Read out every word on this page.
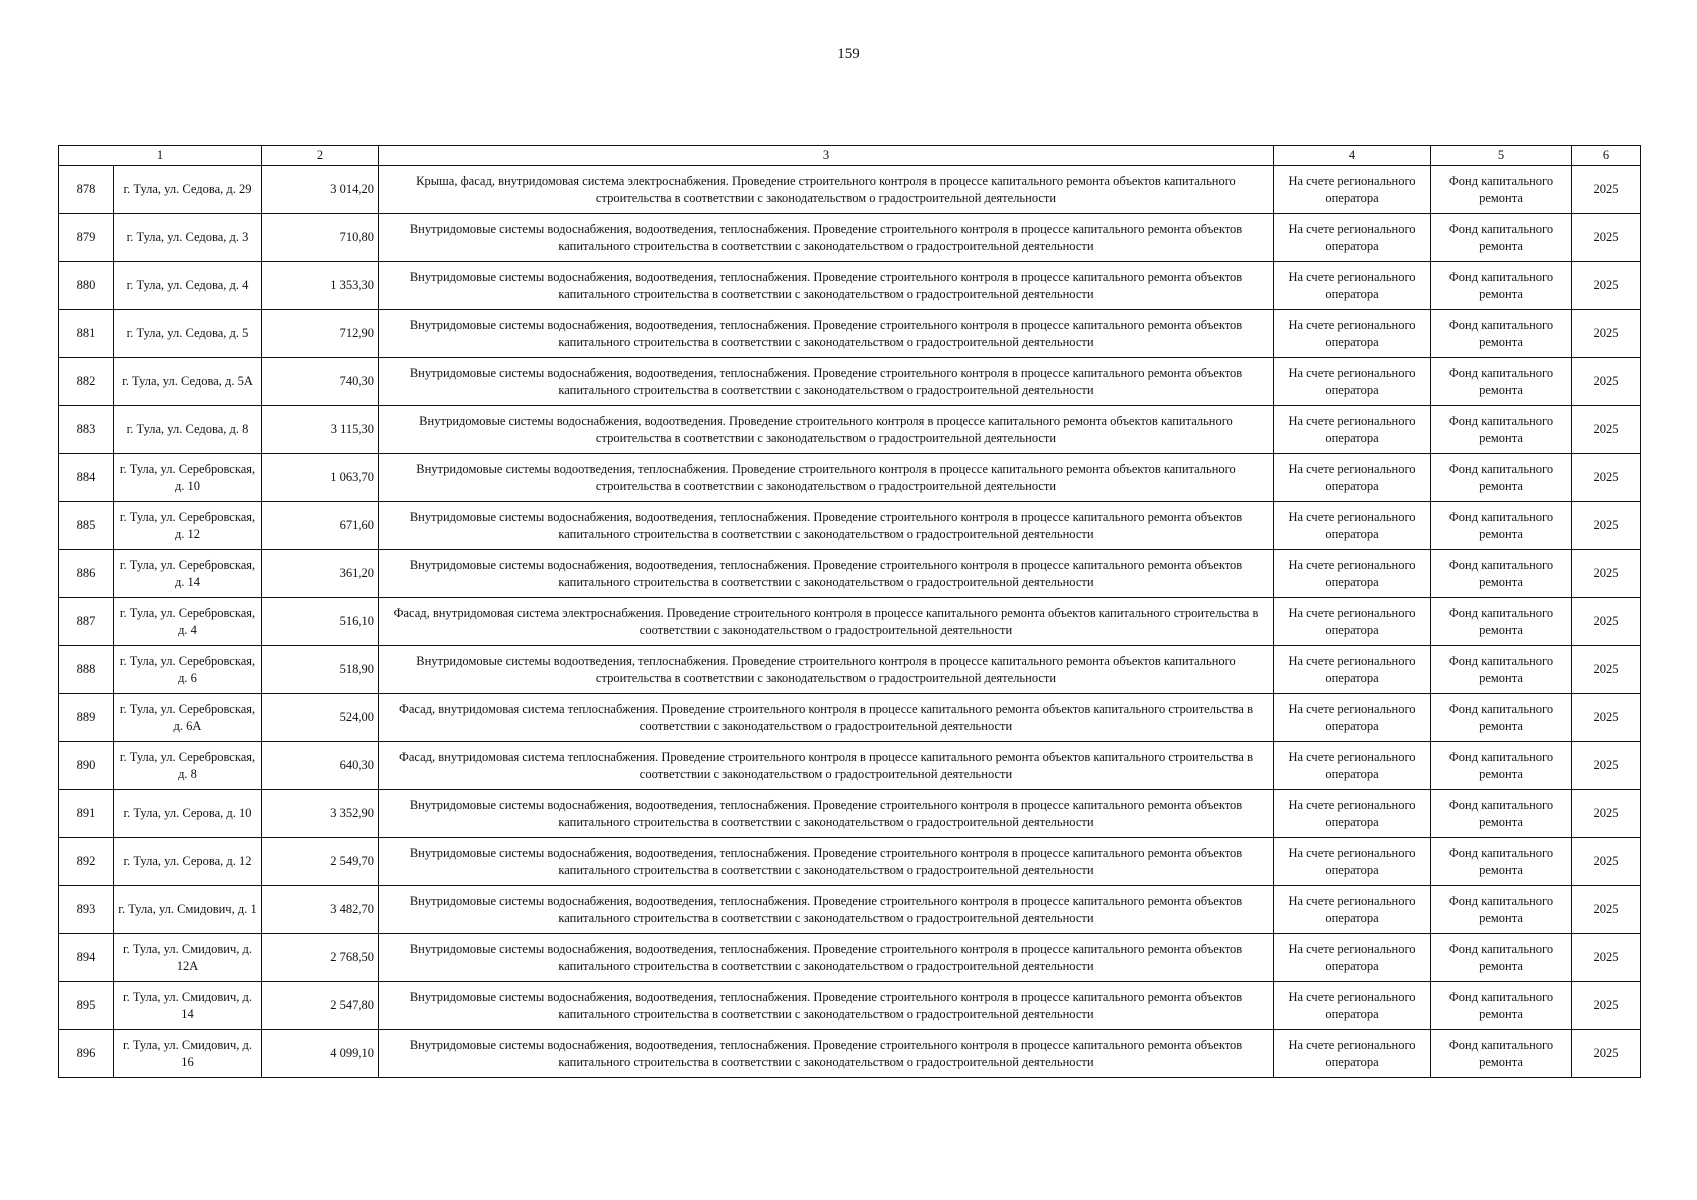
159
1		2	3	4	5	6
878	г. Тула, ул. Седова, д. 29	3 014,20	Крыша, фасад, внутридомовая система электроснабжения. Проведение строительного контроля в процессе капитального ремонта объектов капитального строительства в соответствии с законодательством о градостроительной деятельности	На счете регионального оператора	Фонд капитального ремонта	2025
879	г. Тула, ул. Седова, д. 3	710,80	Внутридомовые системы водоснабжения, водоотведения, теплоснабжения. Проведение строительного контроля в процессе капитального ремонта объектов капитального строительства в соответствии с законодательством о градостроительной деятельности	На счете регионального оператора	Фонд капитального ремонта	2025
880	г. Тула, ул. Седова, д. 4	1 353,30	Внутридомовые системы водоснабжения, водоотведения, теплоснабжения. Проведение строительного контроля в процессе капитального ремонта объектов капитального строительства в соответствии с законодательством о градостроительной деятельности	На счете регионального оператора	Фонд капитального ремонта	2025
881	г. Тула, ул. Седова, д. 5	712,90	Внутридомовые системы водоснабжения, водоотведения, теплоснабжения. Проведение строительного контроля в процессе капитального ремонта объектов капитального строительства в соответствии с законодательством о градостроительной деятельности	На счете регионального оператора	Фонд капитального ремонта	2025
882	г. Тула, ул. Седова, д. 5А	740,30	Внутридомовые системы водоснабжения, водоотведения, теплоснабжения. Проведение строительного контроля в процессе капитального ремонта объектов капитального строительства в соответствии с законодательством о градостроительной деятельности	На счете регионального оператора	Фонд капитального ремонта	2025
883	г. Тула, ул. Седова, д. 8	3 115,30	Внутридомовые системы водоснабжения, водоотведения. Проведение строительного контроля в процессе капитального ремонта объектов капитального строительства в соответствии с законодательством о градостроительной деятельности	На счете регионального оператора	Фонд капитального ремонта	2025
884	г. Тула, ул. Серебровская, д. 10	1 063,70	Внутридомовые системы водоотведения, теплоснабжения. Проведение строительного контроля в процессе капитального ремонта объектов капитального строительства в соответствии с законодательством о градостроительной деятельности	На счете регионального оператора	Фонд капитального ремонта	2025
885	г. Тула, ул. Серебровская, д. 12	671,60	Внутридомовые системы водоснабжения, водоотведения, теплоснабжения. Проведение строительного контроля в процессе капитального ремонта объектов капитального строительства в соответствии с законодательством о градостроительной деятельности	На счете регионального оператора	Фонд капитального ремонта	2025
886	г. Тула, ул. Серебровская, д. 14	361,20	Внутридомовые системы водоснабжения, водоотведения, теплоснабжения. Проведение строительного контроля в процессе капитального ремонта объектов капитального строительства в соответствии с законодательством о градостроительной деятельности	На счете регионального оператора	Фонд капитального ремонта	2025
887	г. Тула, ул. Серебровская, д. 4	516,10	Фасад, внутридомовая система электроснабжения. Проведение строительного контроля в процессе капитального ремонта объектов капитального строительства в соответствии с законодательством о градостроительной деятельности	На счете регионального оператора	Фонд капитального ремонта	2025
888	г. Тула, ул. Серебровская, д. 6	518,90	Внутридомовые системы водоотведения, теплоснабжения. Проведение строительного контроля в процессе капитального ремонта объектов капитального строительства в соответствии с законодательством о градостроительной деятельности	На счете регионального оператора	Фонд капитального ремонта	2025
889	г. Тула, ул. Серебровская, д. 6А	524,00	Фасад, внутридомовая система теплоснабжения. Проведение строительного контроля в процессе капитального ремонта объектов капитального строительства в соответствии с законодательством о градостроительной деятельности	На счете регионального оператора	Фонд капитального ремонта	2025
890	г. Тула, ул. Серебровская, д. 8	640,30	Фасад, внутридомовая система теплоснабжения. Проведение строительного контроля в процессе капитального ремонта объектов капитального строительства в соответствии с законодательством о градостроительной деятельности	На счете регионального оператора	Фонд капитального ремонта	2025
891	г. Тула, ул. Серова, д. 10	3 352,90	Внутридомовые системы водоснабжения, водоотведения, теплоснабжения. Проведение строительного контроля в процессе капитального ремонта объектов капитального строительства в соответствии с законодательством о градостроительной деятельности	На счете регионального оператора	Фонд капитального ремонта	2025
892	г. Тула, ул. Серова, д. 12	2 549,70	Внутридомовые системы водоснабжения, водоотведения, теплоснабжения. Проведение строительного контроля в процессе капитального ремонта объектов капитального строительства в соответствии с законодательством о градостроительной деятельности	На счете регионального оператора	Фонд капитального ремонта	2025
893	г. Тула, ул. Смидович, д. 1	3 482,70	Внутридомовые системы водоснабжения, водоотведения, теплоснабжения. Проведение строительного контроля в процессе капитального ремонта объектов капитального строительства в соответствии с законодательством о градостроительной деятельности	На счете регионального оператора	Фонд капитального ремонта	2025
894	г. Тула, ул. Смидович, д. 12А	2 768,50	Внутридомовые системы водоснабжения, водоотведения, теплоснабжения. Проведение строительного контроля в процессе капитального ремонта объектов капитального строительства в соответствии с законодательством о градостроительной деятельности	На счете регионального оператора	Фонд капитального ремонта	2025
895	г. Тула, ул. Смидович, д. 14	2 547,80	Внутридомовые системы водоснабжения, водоотведения, теплоснабжения. Проведение строительного контроля в процессе капитального ремонта объектов капитального строительства в соответствии с законодательством о градостроительной деятельности	На счете регионального оператора	Фонд капитального ремонта	2025
896	г. Тула, ул. Смидович, д. 16	4 099,10	Внутридомовые системы водоснабжения, водоотведения, теплоснабжения. Проведение строительного контроля в процессе капитального ремонта объектов капитального строительства в соответствии с законодательством о градостроительной деятельности	На счете регионального оператора	Фонд капитального ремонта	2025
